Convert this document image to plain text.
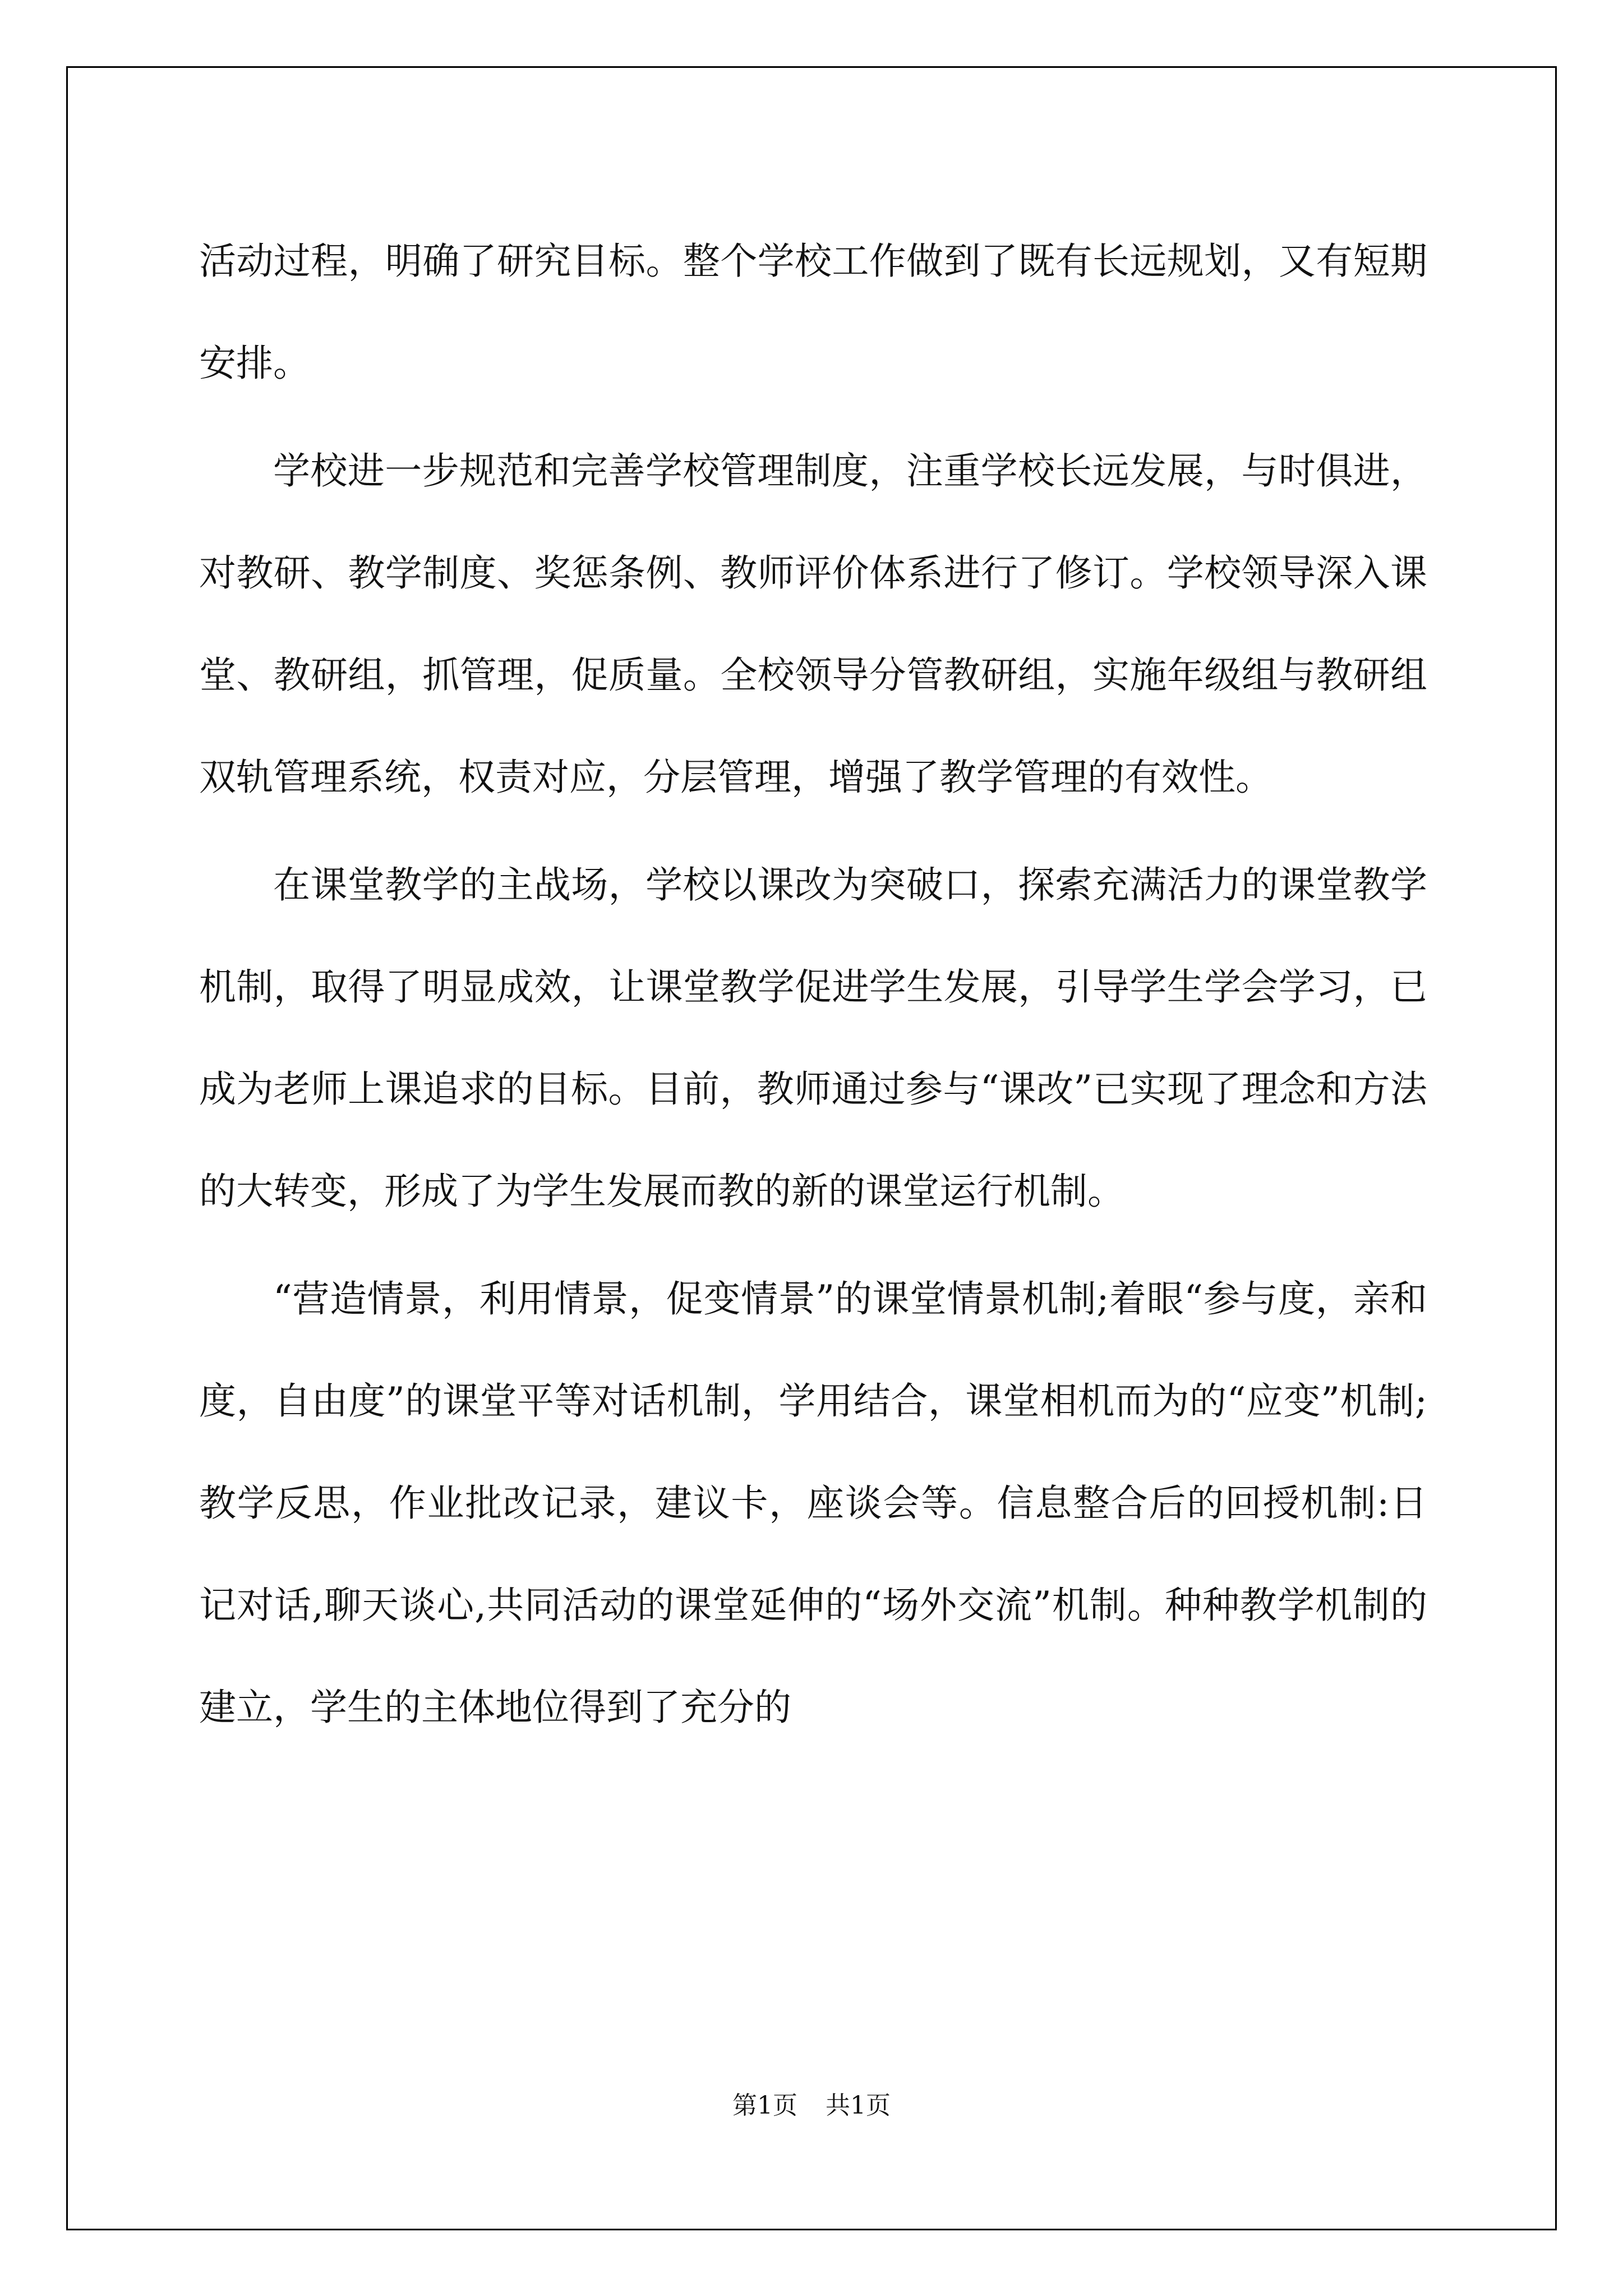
活动过程，明确了研究目标。整个学校工作做到了既有长远规划，又有短期安排。

学校进一步规范和完善学校管理制度，注重学校长远发展，与时俱进，对教研、教学制度、奖惩条例、教师评价体系进行了修订。学校领导深入课堂、教研组，抓管理，促质量。全校领导分管教研组，实施年级组与教研组双轨管理系统，权责对应，分层管理，增强了教学管理的有效性。

在课堂教学的主战场，学校以课改为突破口，探索充满活力的课堂教学机制，取得了明显成效，让课堂教学促进学生发展，引导学生学会学习，已成为老师上课追求的目标。目前，教师通过参与“课改”已实现了理念和方法的大转变，形成了为学生发展而教的新的课堂运行机制。

“营造情景，利用情景，促变情景”的课堂情景机制;着眼“参与度，亲和度，自由度”的课堂平等对话机制，学用结合，课堂相机而为的“应变”机制;教学反思，作业批改记录，建议卡，座谈会等。信息整合后的回授机制:日记对话,聊天谈心,共同活动的课堂延伸的“场外交流”机制。种种教学机制的建立，学生的主体地位得到了充分的

第1页 共1页
